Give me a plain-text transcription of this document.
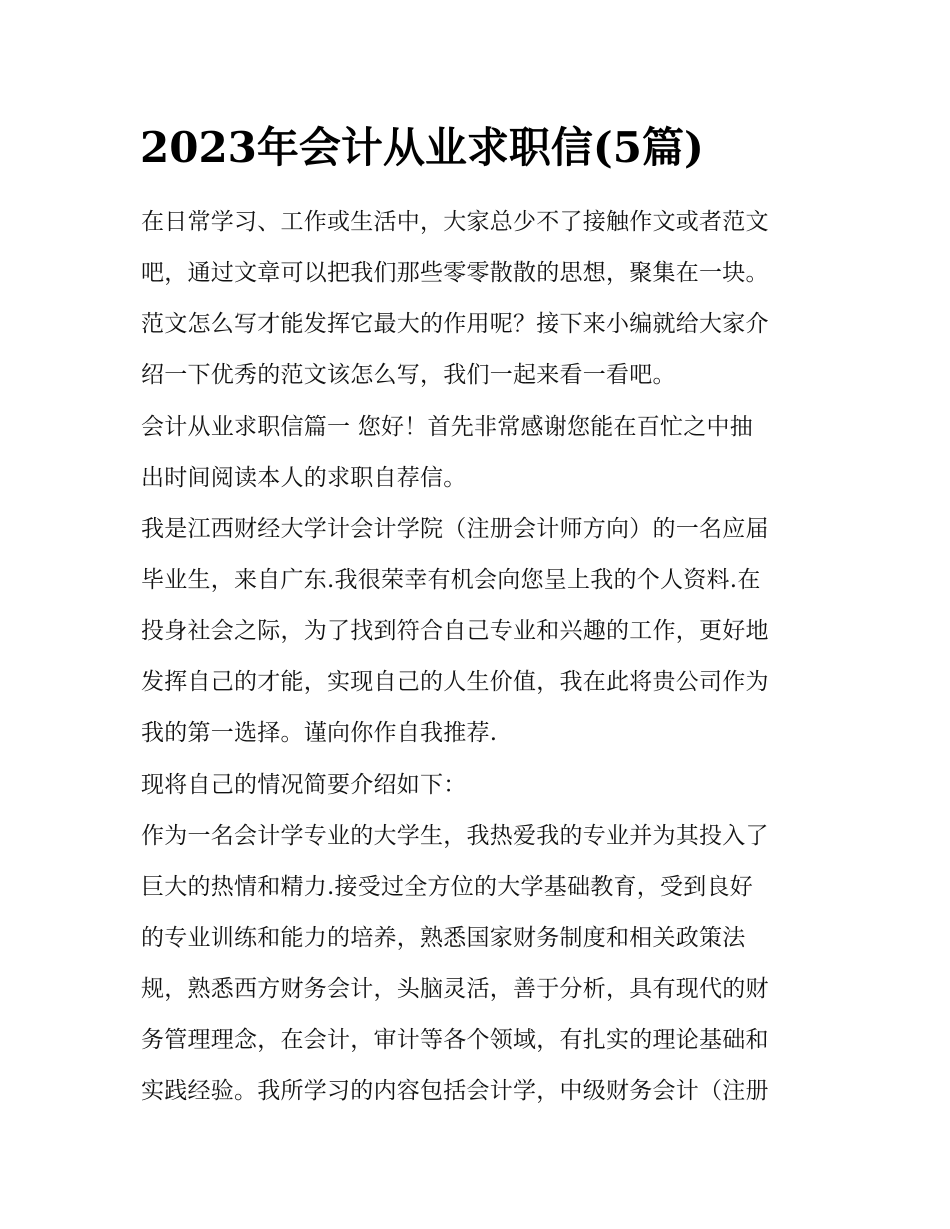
2023年会计从业求职信(5篇)

在日常学习、工作或生活中，大家总少不了接触作文或者范文

吧，通过文章可以把我们那些零零散散的思想，聚集在一块。

范文怎么写才能发挥它最大的作用呢？接下来小编就给大家介

绍一下优秀的范文该怎么写，我们一起来看一看吧。

会计从业求职信篇一 您好！首先非常感谢您能在百忙之中抽

出时间阅读本人的求职自荐信。

我是江西财经大学计会计学院（注册会计师方向）的一名应届

毕业生，来自广东.我很荣幸有机会向您呈上我的个人资料.在

投身社会之际，为了找到符合自己专业和兴趣的工作，更好地

发挥自己的才能，实现自己的人生价值，我在此将贵公司作为

我的第一选择。谨向你作自我推荐.

现将自己的情况简要介绍如下：

作为一名会计学专业的大学生，我热爱我的专业并为其投入了

巨大的热情和精力.接受过全方位的大学基础教育，受到良好

的专业训练和能力的培养，熟悉国家财务制度和相关政策法

规，熟悉西方财务会计，头脑灵活，善于分析，具有现代的财

务管理理念，在会计，审计等各个领域，有扎实的理论基础和

实践经验。我所学习的内容包括会计学，中级财务会计（注册
